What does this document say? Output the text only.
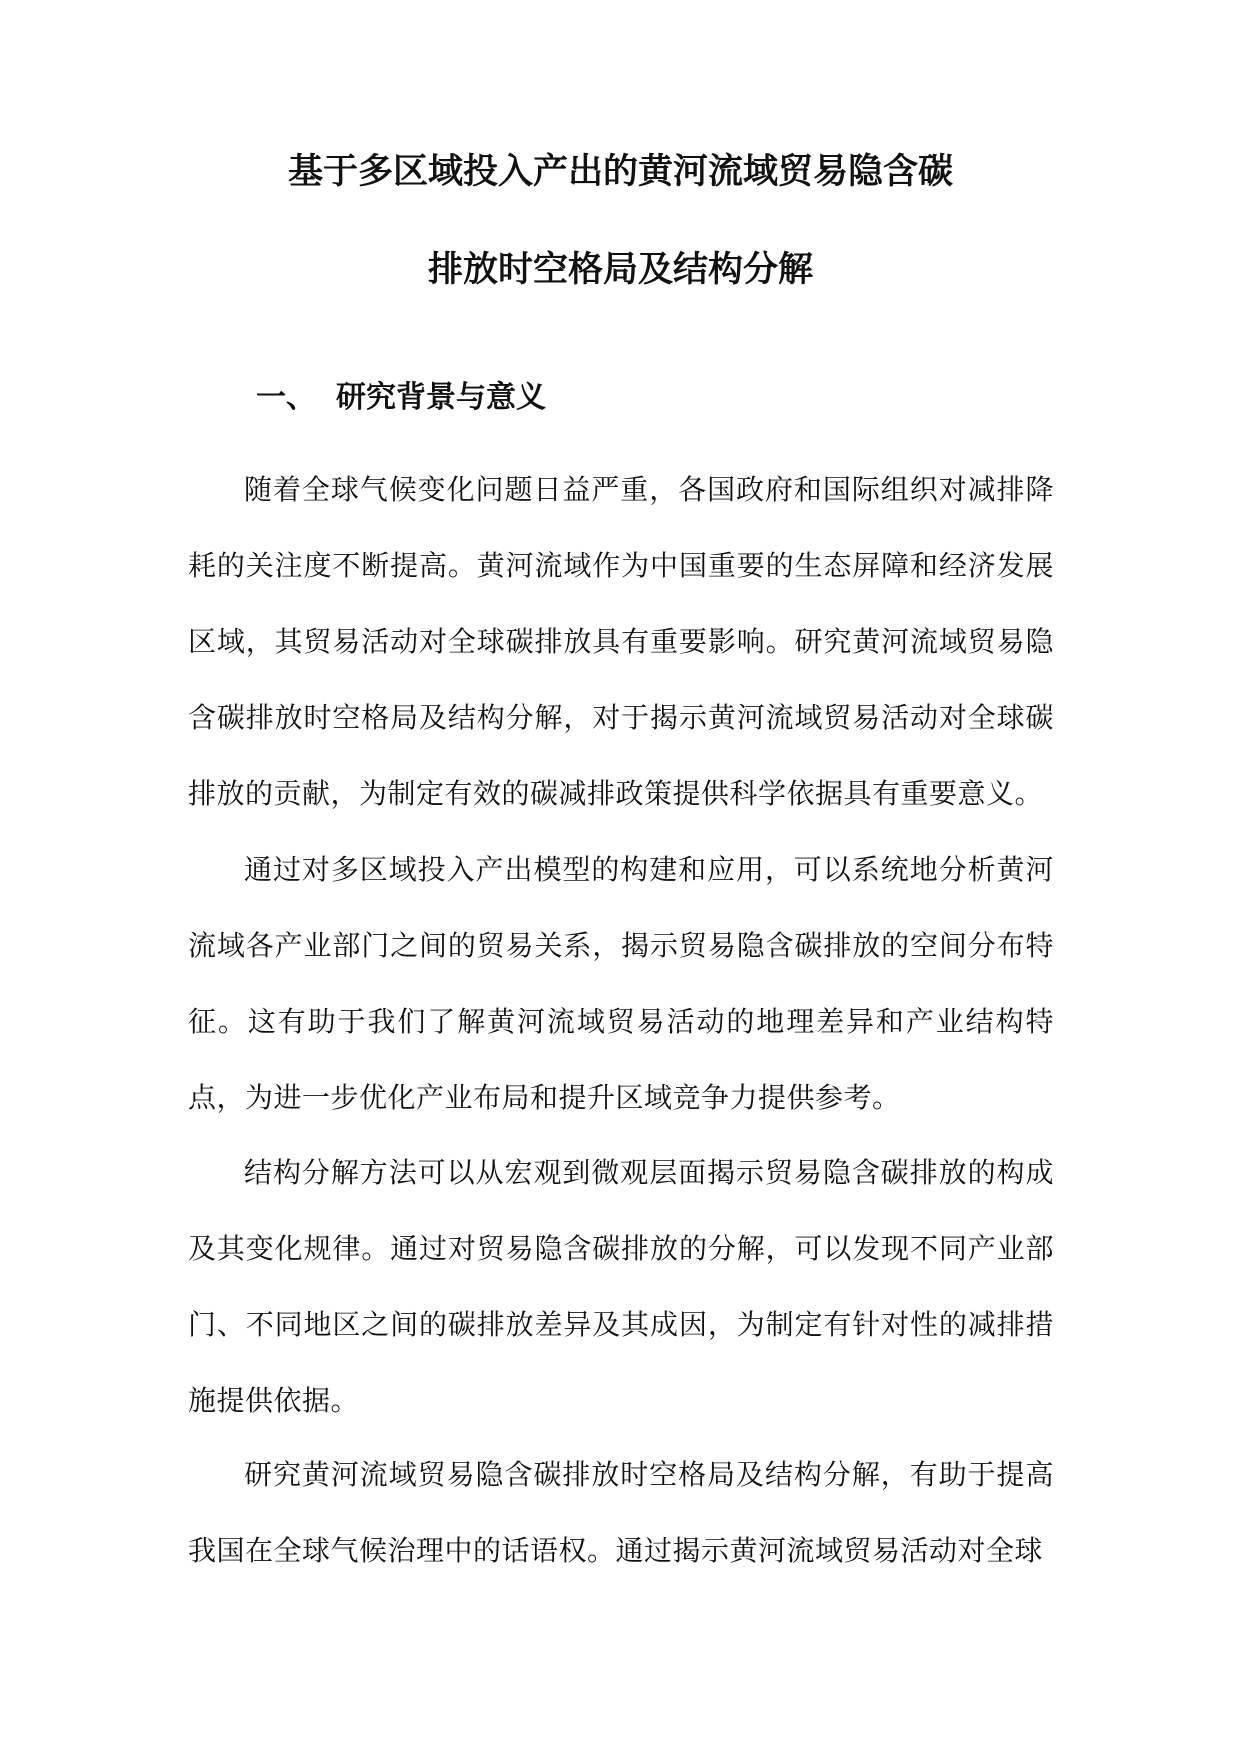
基于多区域投入产出的黄河流域贸易隐含碳
排放时空格局及结构分解
一、 研究背景与意义

随着全球气候变化问题日益严重，各国政府和国际组织对减排降耗的关注度不断提高。黄河流域作为中国重要的生态屏障和经济发展区域，其贸易活动对全球碳排放具有重要影响。研究黄河流域贸易隐含碳排放时空格局及结构分解，对于揭示黄河流域贸易活动对全球碳排放的贡献，为制定有效的碳减排政策提供科学依据具有重要意义。

通过对多区域投入产出模型的构建和应用，可以系统地分析黄河流域各产业部门之间的贸易关系，揭示贸易隐含碳排放的空间分布特征。这有助于我们了解黄河流域贸易活动的地理差异和产业结构特点，为进一步优化产业布局和提升区域竞争力提供参考。

结构分解方法可以从宏观到微观层面揭示贸易隐含碳排放的构成及其变化规律。通过对贸易隐含碳排放的分解，可以发现不同产业部门、不同地区之间的碳排放差异及其成因，为制定有针对性的减排措施提供依据。

研究黄河流域贸易隐含碳排放时空格局及结构分解，有助于提高我国在全球气候治理中的话语权。通过揭示黄河流域贸易活动对全球
